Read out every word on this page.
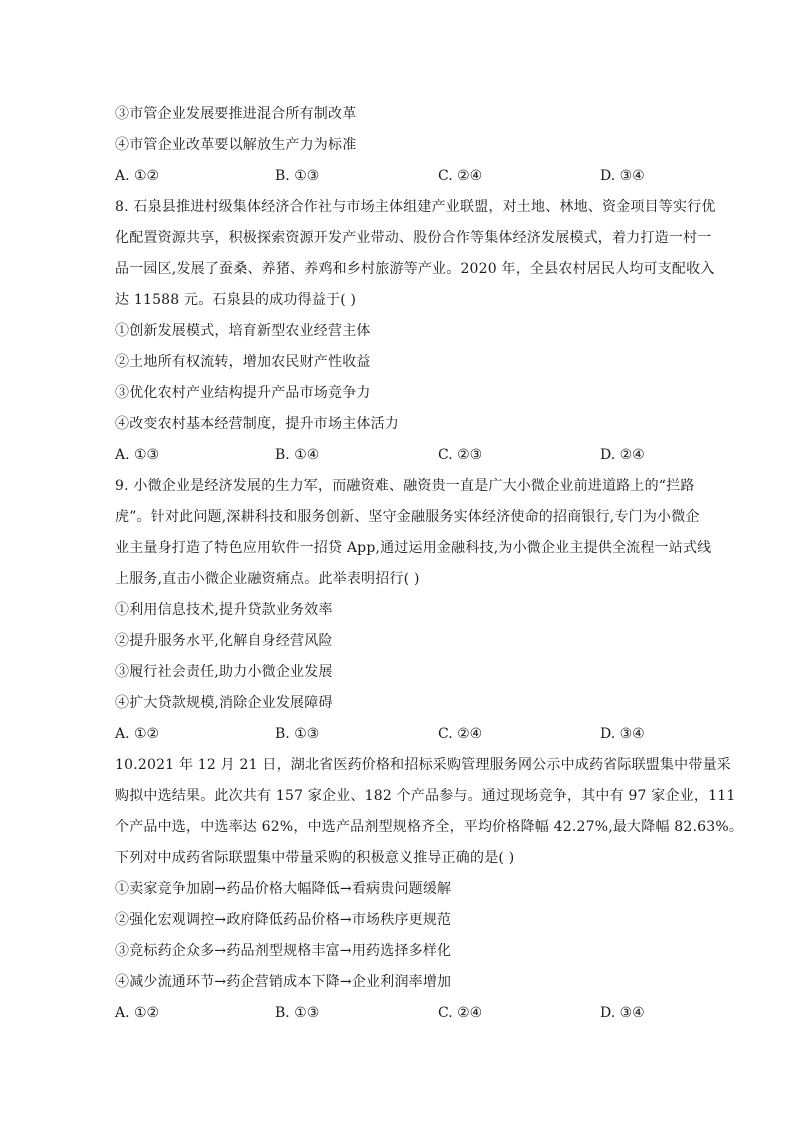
③市管企业发展要推进混合所有制改革
④市管企业改革要以解放生产力为标准
A. ①②	B. ①③	C. ②④	D. ③④
8. 石泉县推进村级集体经济合作社与市场主体组建产业联盟，对土地、林地、资金项目等实行优
化配置资源共享，积极探索资源开发产业带动、股份合作等集体经济发展模式，着力打造一村一
品一园区,发展了蚕桑、养猪、养鸡和乡村旅游等产业。2020 年，全县农村居民人均可支配收入
达 11588 元。石泉县的成功得益于( )
①创新发展模式，培育新型农业经营主体
②土地所有权流转，增加农民财产性收益
③优化农村产业结构提升产品市场竞争力
④改变农村基本经营制度，提升市场主体活力
A. ①③	B. ①④	C. ②③	D. ②④
9. 小微企业是经济发展的生力军，而融资难、融资贵一直是广大小微企业前进道路上的“拦路
虎”。针对此问题,深耕科技和服务创新、坚守金融服务实体经济使命的招商银行,专门为小微企
业主量身打造了特色应用软件一招贷 App,通过运用金融科技,为小微企业主提供全流程一站式线
上服务,直击小微企业融资痛点。此举表明招行( )
①利用信息技术,提升贷款业务效率
②提升服务水平,化解自身经营风险
③履行社会责任,助力小微企业发展
④扩大贷款规模,消除企业发展障碍
A. ①②	B. ①③	C. ②④	D. ③④
10.2021 年 12 月 21 日，湖北省医药价格和招标采购管理服务网公示中成药省际联盟集中带量采
购拟中选结果。此次共有 157 家企业、182 个产品参与。通过现场竞争，其中有 97 家企业，111
个产品中选，中选率达 62%，中选产品剂型规格齐全，平均价格降幅 42.27%,最大降幅 82.63%。
下列对中成药省际联盟集中带量采购的积极意义推导正确的是( )
①卖家竞争加剧→药品价格大幅降低→看病贵问题缓解
②强化宏观调控→政府降低药品价格→市场秩序更规范
③竞标药企众多→药品剂型规格丰富→用药选择多样化
④减少流通环节→药企营销成本下降→企业利润率增加
A. ①②	B. ①③	C. ②④	D. ③④
